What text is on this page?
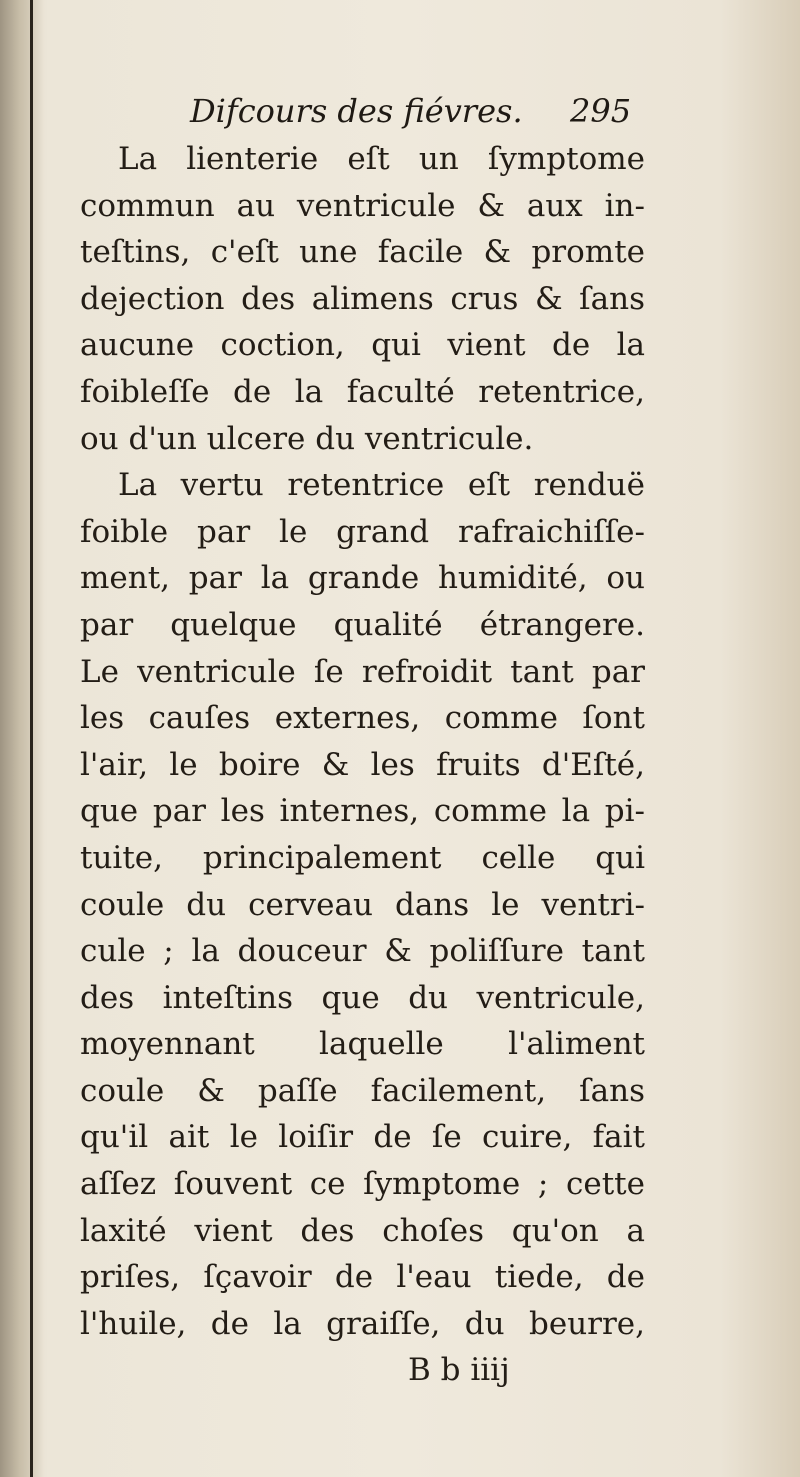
Difcours des fiévres. 295
La lienterie eſt un ſymptome
commun au ventricule & aux in-
teſtins, c'eſt une facile & promte
dejection des alimens crus & ſans
aucune coction, qui vient de la
foibleſſe de la faculté retentrice,
ou d'un ulcere du ventricule.
La vertu retentrice eſt renduë
foible par le grand rafraichiſſe-
ment, par la grande humidité, ou
par quelque qualité étrangere.
Le ventricule ſe refroidit tant par
les cauſes externes, comme ſont
l'air, le boire & les fruits d'Eſté,
que par les internes, comme la pi-
tuite, principalement celle qui
coule du cerveau dans le ventri-
cule ; la douceur & poliſſure tant
des inteſtins que du ventricule,
moyennant laquelle l'aliment
coule & paſſe facilement, ſans
qu'il ait le loiſir de ſe cuire, fait
aſſez ſouvent ce ſymptome ; cette
laxité vient des choſes qu'on a
priſes, ſçavoir de l'eau tiede, de
l'huile, de la graiſſe, du beurre,
B b iiij
